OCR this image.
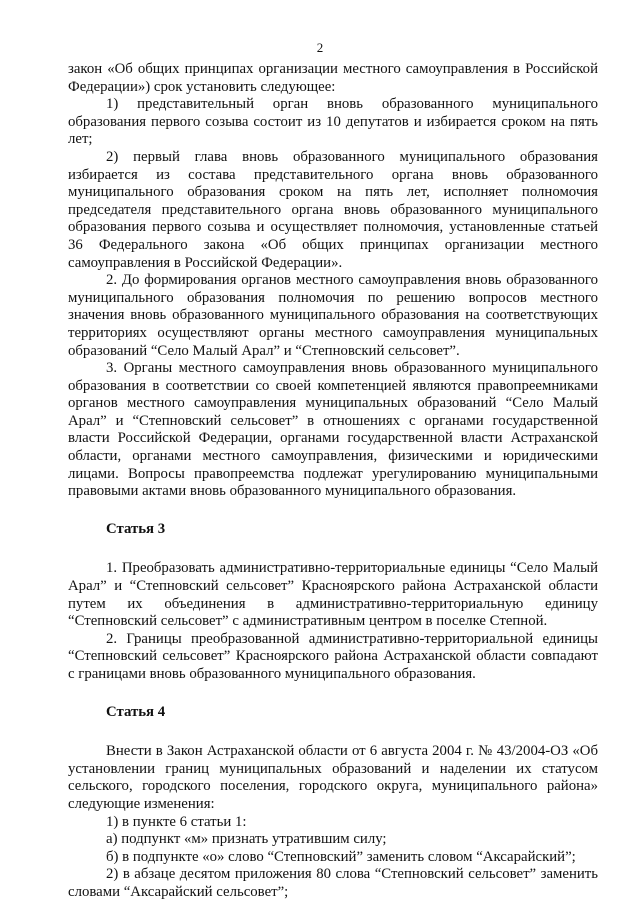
2

закон «Об общих принципах организации местного самоуправления в Российской Федерации») срок установить следующее:

1) представительный орган вновь образованного муниципального образования первого созыва состоит из 10 депутатов и избирается сроком на пять лет;

2) первый глава вновь образованного муниципального образования избирается из состава представительного органа вновь образованного муниципального образования сроком на пять лет, исполняет полномочия председателя представительного органа вновь образованного муниципального образования первого созыва и осуществляет полномочия, установленные статьей 36 Федерального закона «Об общих принципах организации местного самоуправления в Российской Федерации».

2. До формирования органов местного самоуправления вновь образованного муниципального образования полномочия по решению вопросов местного значения вновь образованного муниципального образования на соответствующих территориях осуществляют органы местного самоуправления муниципальных образований “Село Малый Арал” и “Степновский сельсовет”.

3. Органы местного самоуправления вновь образованного муниципального образования в соответствии со своей компетенцией являются правопреемниками органов местного самоуправления муниципальных образований “Село Малый Арал” и “Степновский сельсовет” в отношениях с органами государственной власти Российской Федерации, органами государственной власти Астраханской области, органами местного самоуправления, физическими и юридическими лицами. Вопросы правопреемства подлежат урегулированию муниципальными правовыми актами вновь образованного муниципального образования.

Статья 3

1. Преобразовать административно-территориальные единицы “Село Малый Арал” и “Степновский сельсовет” Красноярского района Астраханской области путем их объединения в административно-территориальную единицу “Степновский сельсовет” с административным центром в поселке Степной.

2. Границы преобразованной административно-территориальной единицы “Степновский сельсовет” Красноярского района Астраханской области совпадают с границами вновь образованного муниципального образования.

Статья 4

Внести в Закон Астраханской области от 6 августа 2004 г. № 43/2004-ОЗ «Об установлении границ муниципальных образований и наделении их статусом сельского, городского поселения, городского округа, муниципального района» следующие изменения:

1) в пункте 6 статьи 1:

а) подпункт «м» признать утратившим силу;

б) в подпункте «о» слово “Степновский” заменить словом “Аксарайский”;

2) в абзаце десятом приложения 80 слова “Степновский сельсовет” заменить словами “Аксарайский сельсовет”;
